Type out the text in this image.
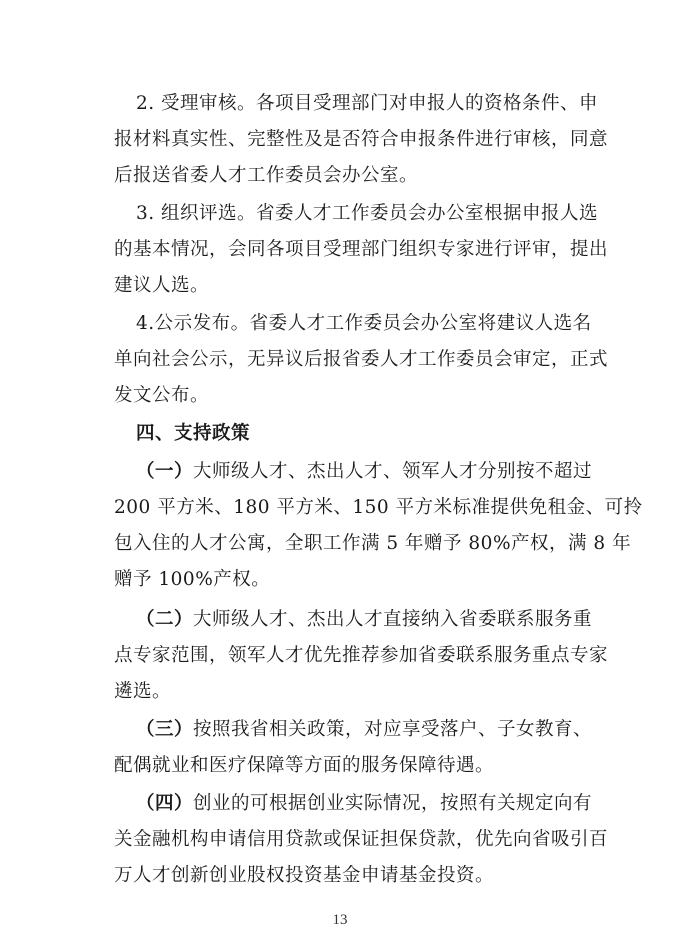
2. 受理审核。各项目受理部门对申报人的资格条件、申
报材料真实性、完整性及是否符合申报条件进行审核，同意
后报送省委人才工作委员会办公室。
3. 组织评选。省委人才工作委员会办公室根据申报人选
的基本情况，会同各项目受理部门组织专家进行评审，提出
建议人选。
4.公示发布。省委人才工作委员会办公室将建议人选名
单向社会公示，无异议后报省委人才工作委员会审定，正式
发文公布。
四、支持政策
（一）大师级人才、杰出人才、领军人才分别按不超过
200 平方米、180 平方米、150 平方米标准提供免租金、可拎
包入住的人才公寓，全职工作满 5 年赠予 80%产权，满 8 年
赠予 100%产权。
（二）大师级人才、杰出人才直接纳入省委联系服务重
点专家范围，领军人才优先推荐参加省委联系服务重点专家
遴选。
（三）按照我省相关政策，对应享受落户、子女教育、
配偶就业和医疗保障等方面的服务保障待遇。
13
（四）创业的可根据创业实际情况，按照有关规定向有
关金融机构申请信用贷款或保证担保贷款，优先向省吸引百
万人才创新创业股权投资基金申请基金投资。
